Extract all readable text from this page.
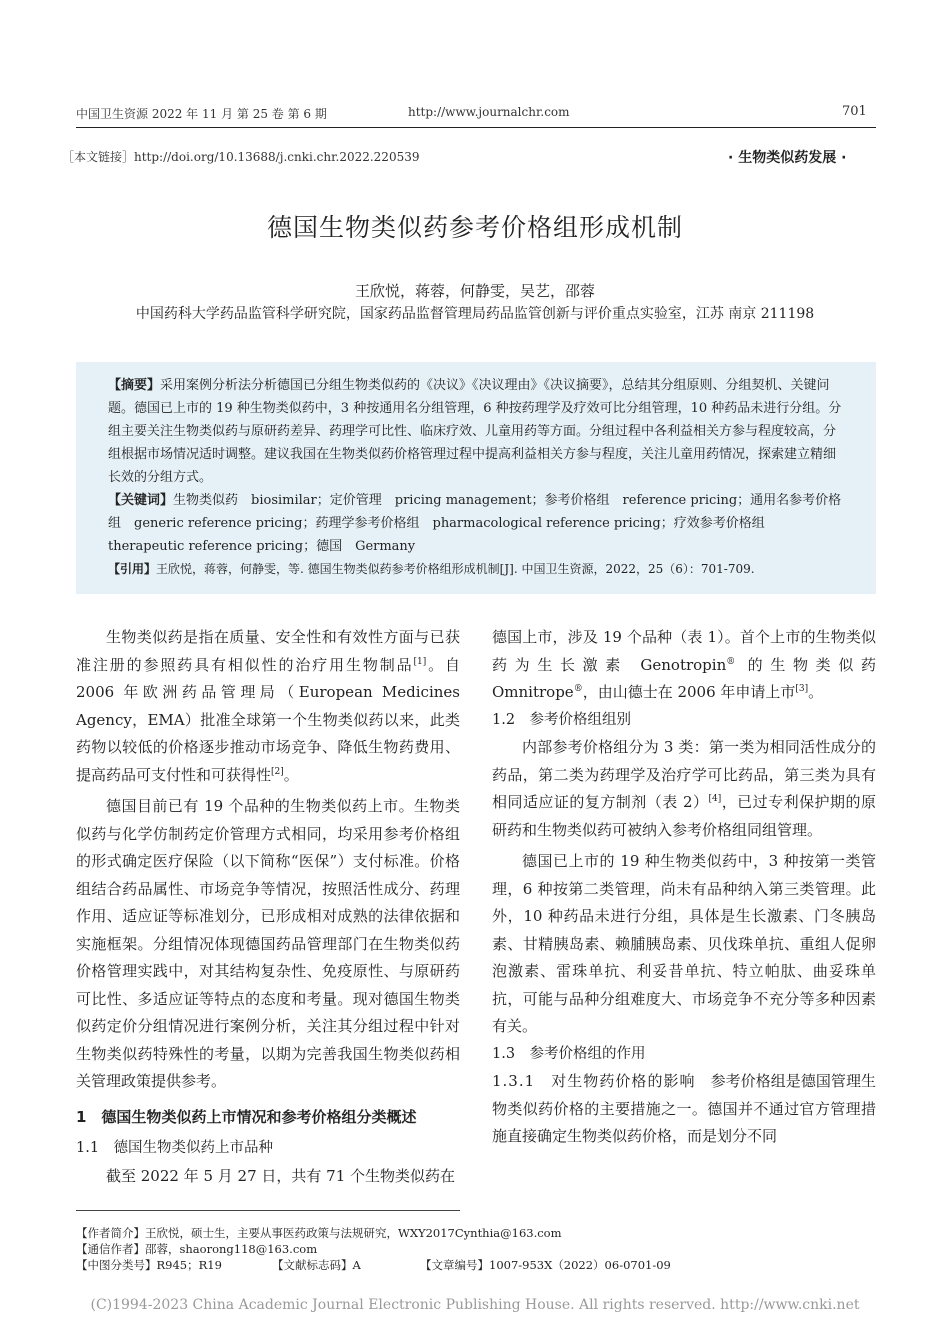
中国卫生资源 2022 年 11 月 第 25 卷 第 6 期	http://www.journalchr.com	701
［本文链接］http://doi.org/10.13688/j.cnki.chr.2022.220539	· 生物类似药发展 ·
德国生物类似药参考价格组形成机制
王欣悦，蒋蓉，何静雯，吴艺，邵蓉
中国药科大学药品监管科学研究院，国家药品监督管理局药品监管创新与评价重点实验室，江苏 南京 211198

【摘要】采用案例分析法分析德国已分组生物类似药的《决议》《决议理由》《决议摘要》，总结其分组原则、分组契机、关键问题。德国已上市的 19 种生物类似药中，3 种按通用名分组管理，6 种按药理学及疗效可比分组管理，10 种药品未进行分组。分组主要关注生物类似药与原研药差异、药理学可比性、临床疗效、儿童用药等方面。分组过程中各利益相关方参与程度较高，分组根据市场情况适时调整。建议我国在生物类似药价格管理过程中提高利益相关方参与程度，关注儿童用药情况，探索建立精细长效的分组方式。

【关键词】生物类似药　biosimilar；定价管理　pricing management；参考价格组　reference pricing；通用名参考价格组　generic reference pricing；药理学参考价格组　pharmacological reference pricing；疗效参考价格组　therapeutic reference pricing；德国　Germany

【引用】王欣悦，蒋蓉，何静雯，等. 德国生物类似药参考价格组形成机制[J]. 中国卫生资源，2022，25（6）：701-709.

生物类似药是指在质量、安全性和有效性方面与已获准注册的参照药具有相似性的治疗用生物制品[1]。自 2006 年欧洲药品管理局（European Medicines Agency，EMA）批准全球第一个生物类似药以来，此类药物以较低的价格逐步推动市场竞争、降低生物药费用、提高药品可支付性和可获得性[2]。

德国目前已有 19 个品种的生物类似药上市。生物类似药与化学仿制药定价管理方式相同，均采用参考价格组的形式确定医疗保险（以下简称“医保”）支付标准。价格组结合药品属性、市场竞争等情况，按照活性成分、药理作用、适应证等标准划分，已形成相对成熟的法律依据和实施框架。分组情况体现德国药品管理部门在生物类似药价格管理实践中，对其结构复杂性、免疫原性、与原研药可比性、多适应证等特点的态度和考量。现对德国生物类似药定价分组情况进行案例分析，关注其分组过程中针对生物类似药特殊性的考量，以期为完善我国生物类似药相关管理政策提供参考。

1　德国生物类似药上市情况和参考价格组分类概述

1.1　德国生物类似药上市品种

截至 2022 年 5 月 27 日，共有 71 个生物类似药在

德国上市，涉及 19 个品种（表 1）。首个上市的生物类似药为生长激素 Genotropin® 的生物类似药 Omnitrope®，由山德士在 2006 年申请上市[3]。

1.2　参考价格组组别

内部参考价格组分为 3 类：第一类为相同活性成分的药品，第二类为药理学及治疗学可比药品，第三类为具有相同适应证的复方制剂（表 2）[4]，已过专利保护期的原研药和生物类似药可被纳入参考价格组同组管理。

德国已上市的 19 种生物类似药中，3 种按第一类管理，6 种按第二类管理，尚未有品种纳入第三类管理。此外，10 种药品未进行分组，具体是生长激素、门冬胰岛素、甘精胰岛素、赖脯胰岛素、贝伐珠单抗、重组人促卵泡激素、雷珠单抗、利妥昔单抗、特立帕肽、曲妥珠单抗，可能与品种分组难度大、市场竞争不充分等多种因素有关。

1.3　参考价格组的作用

1.3.1　对生物药价格的影响　 参考价格组是德国管理生物类似药价格的主要措施之一。德国并不通过官方管理措施直接确定生物类似药价格，而是划分不同

【作者简介】王欣悦，硕士生，主要从事医药政策与法规研究，WXY2017Cynthia@163.com
【通信作者】邵蓉，shaorong118@163.com
【中图分类号】R945；R19	【文献标志码】A	【文章编号】1007-953X（2022）06-0701-09
(C)1994-2023 China Academic Journal Electronic Publishing House. All rights reserved. http://www.cnki.net
